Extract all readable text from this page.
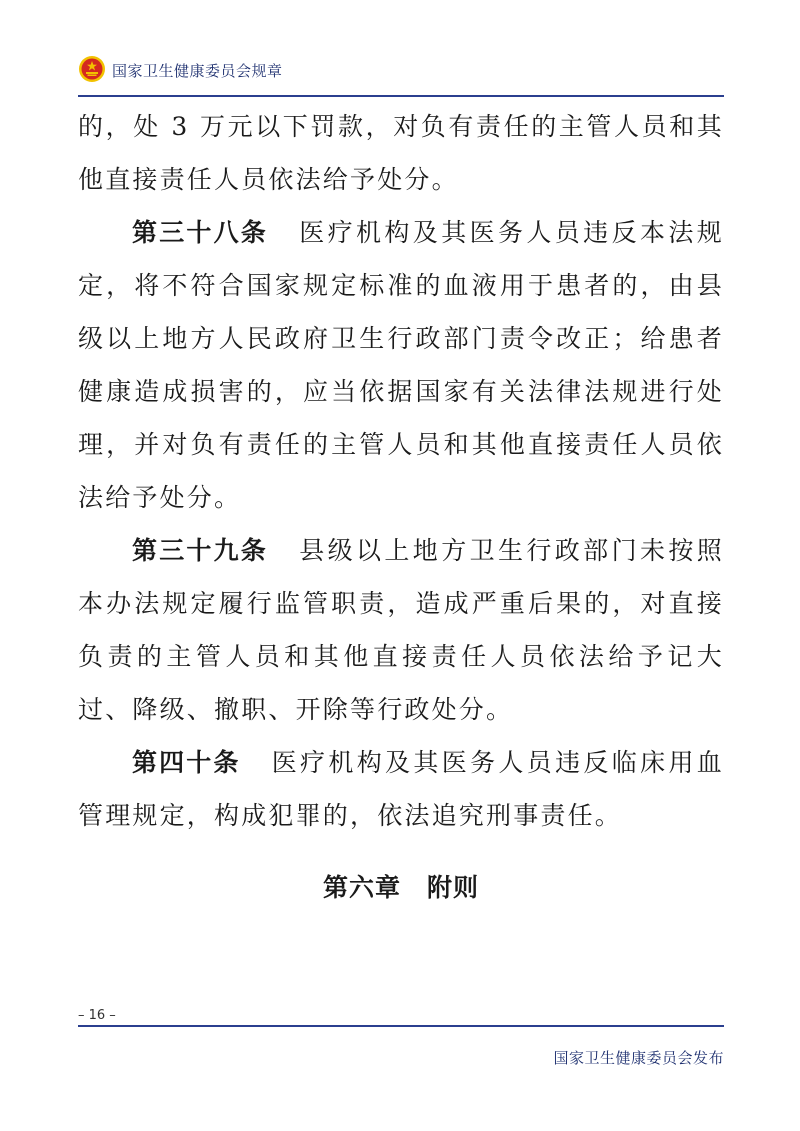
国家卫生健康委员会规章

的，处 3 万元以下罚款，对负有责任的主管人员和其他直接责任人员依法给予处分。

第三十八条 医疗机构及其医务人员违反本法规定，将不符合国家规定标准的血液用于患者的，由县级以上地方人民政府卫生行政部门责令改正；给患者健康造成损害的，应当依据国家有关法律法规进行处理，并对负有责任的主管人员和其他直接责任人员依法给予处分。

第三十九条 县级以上地方卫生行政部门未按照本办法规定履行监管职责，造成严重后果的，对直接负责的主管人员和其他直接责任人员依法给予记大过、降级、撤职、开除等行政处分。

第四十条 医疗机构及其医务人员违反临床用血管理规定，构成犯罪的，依法追究刑事责任。

第六章　附则
– 16 –
国家卫生健康委员会发布
